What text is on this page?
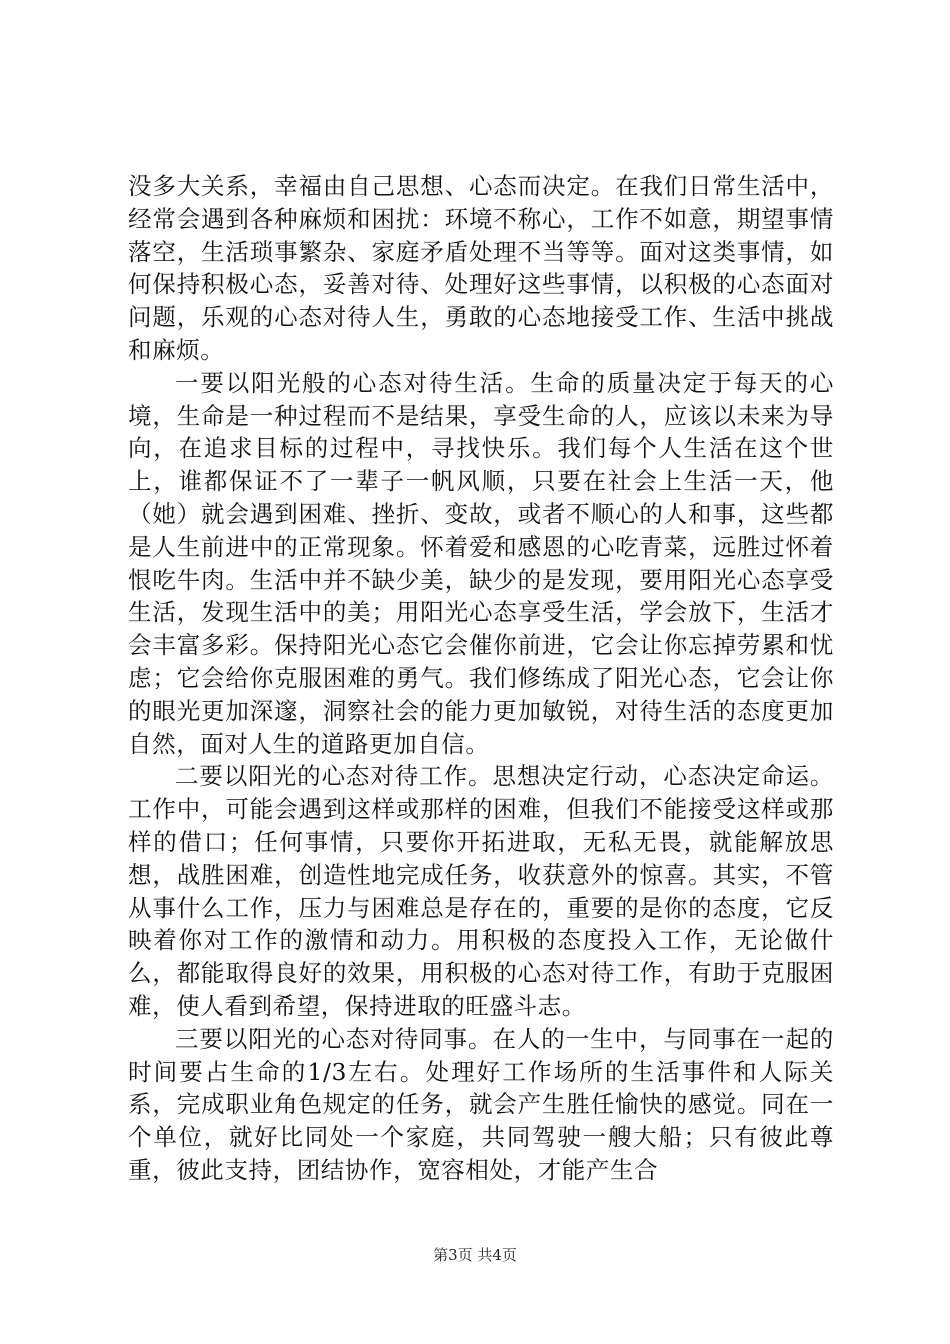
没多大关系，幸福由自己思想、心态而决定。在我们日常生活中，经常会遇到各种麻烦和困扰：环境不称心，工作不如意，期望事情落空，生活琐事繁杂、家庭矛盾处理不当等等。面对这类事情，如何保持积极心态，妥善对待、处理好这些事情，以积极的心态面对问题，乐观的心态对待人生，勇敢的心态地接受工作、生活中挑战和麻烦。

一要以阳光般的心态对待生活。生命的质量决定于每天的心境，生命是一种过程而不是结果，享受生命的人，应该以未来为导向，在追求目标的过程中，寻找快乐。我们每个人生活在这个世上，谁都保证不了一辈子一帆风顺，只要在社会上生活一天，他（她）就会遇到困难、挫折、变故，或者不顺心的人和事，这些都是人生前进中的正常现象。怀着爱和感恩的心吃青菜，远胜过怀着恨吃牛肉。生活中并不缺少美，缺少的是发现，要用阳光心态享受生活，发现生活中的美；用阳光心态享受生活，学会放下，生活才会丰富多彩。保持阳光心态它会催你前进，它会让你忘掉劳累和忧虑；它会给你克服困难的勇气。我们修练成了阳光心态，它会让你的眼光更加深邃，洞察社会的能力更加敏锐，对待生活的态度更加自然，面对人生的道路更加自信。

二要以阳光的心态对待工作。思想决定行动，心态决定命运。工作中，可能会遇到这样或那样的困难，但我们不能接受这样或那样的借口；任何事情，只要你开拓进取，无私无畏，就能解放思想，战胜困难，创造性地完成任务，收获意外的惊喜。其实，不管从事什么工作，压力与困难总是存在的，重要的是你的态度，它反映着你对工作的激情和动力。用积极的态度投入工作，无论做什么，都能取得良好的效果，用积极的心态对待工作，有助于克服困难，使人看到希望，保持进取的旺盛斗志。

三要以阳光的心态对待同事。在人的一生中，与同事在一起的时间要占生命的1/3左右。处理好工作场所的生活事件和人际关系，完成职业角色规定的任务，就会产生胜任愉快的感觉。同在一个单位，就好比同处一个家庭，共同驾驶一艘大船；只有彼此尊重，彼此支持，团结协作，宽容相处，才能产生合

第3页 共4页
